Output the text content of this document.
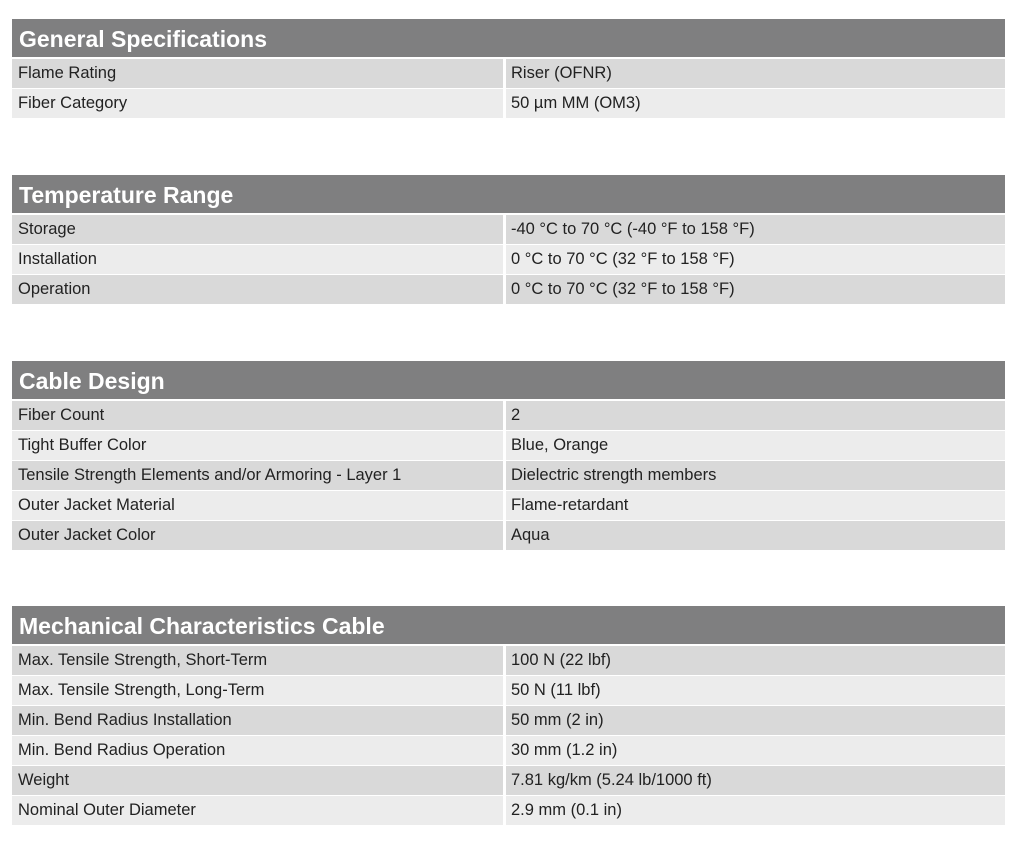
General Specifications
Flame Rating	Riser (OFNR)
Fiber Category	50 µm MM (OM3)
Temperature Range
Storage	-40 °C to 70 °C (-40 °F to 158 °F)
Installation	0 °C to 70 °C (32 °F to 158 °F)
Operation	0 °C to 70 °C (32 °F to 158 °F)
Cable Design
Fiber Count	2
Tight Buffer Color	Blue, Orange
Tensile Strength Elements and/or Armoring - Layer 1	Dielectric strength members
Outer Jacket Material	Flame-retardant
Outer Jacket Color	Aqua
Mechanical Characteristics Cable
Max. Tensile Strength, Short-Term	100 N (22 lbf)
Max. Tensile Strength, Long-Term	50 N (11 lbf)
Min. Bend Radius Installation	50 mm (2 in)
Min. Bend Radius Operation	30 mm (1.2 in)
Weight	7.81 kg/km (5.24 lb/1000 ft)
Nominal Outer Diameter	2.9 mm (0.1 in)
